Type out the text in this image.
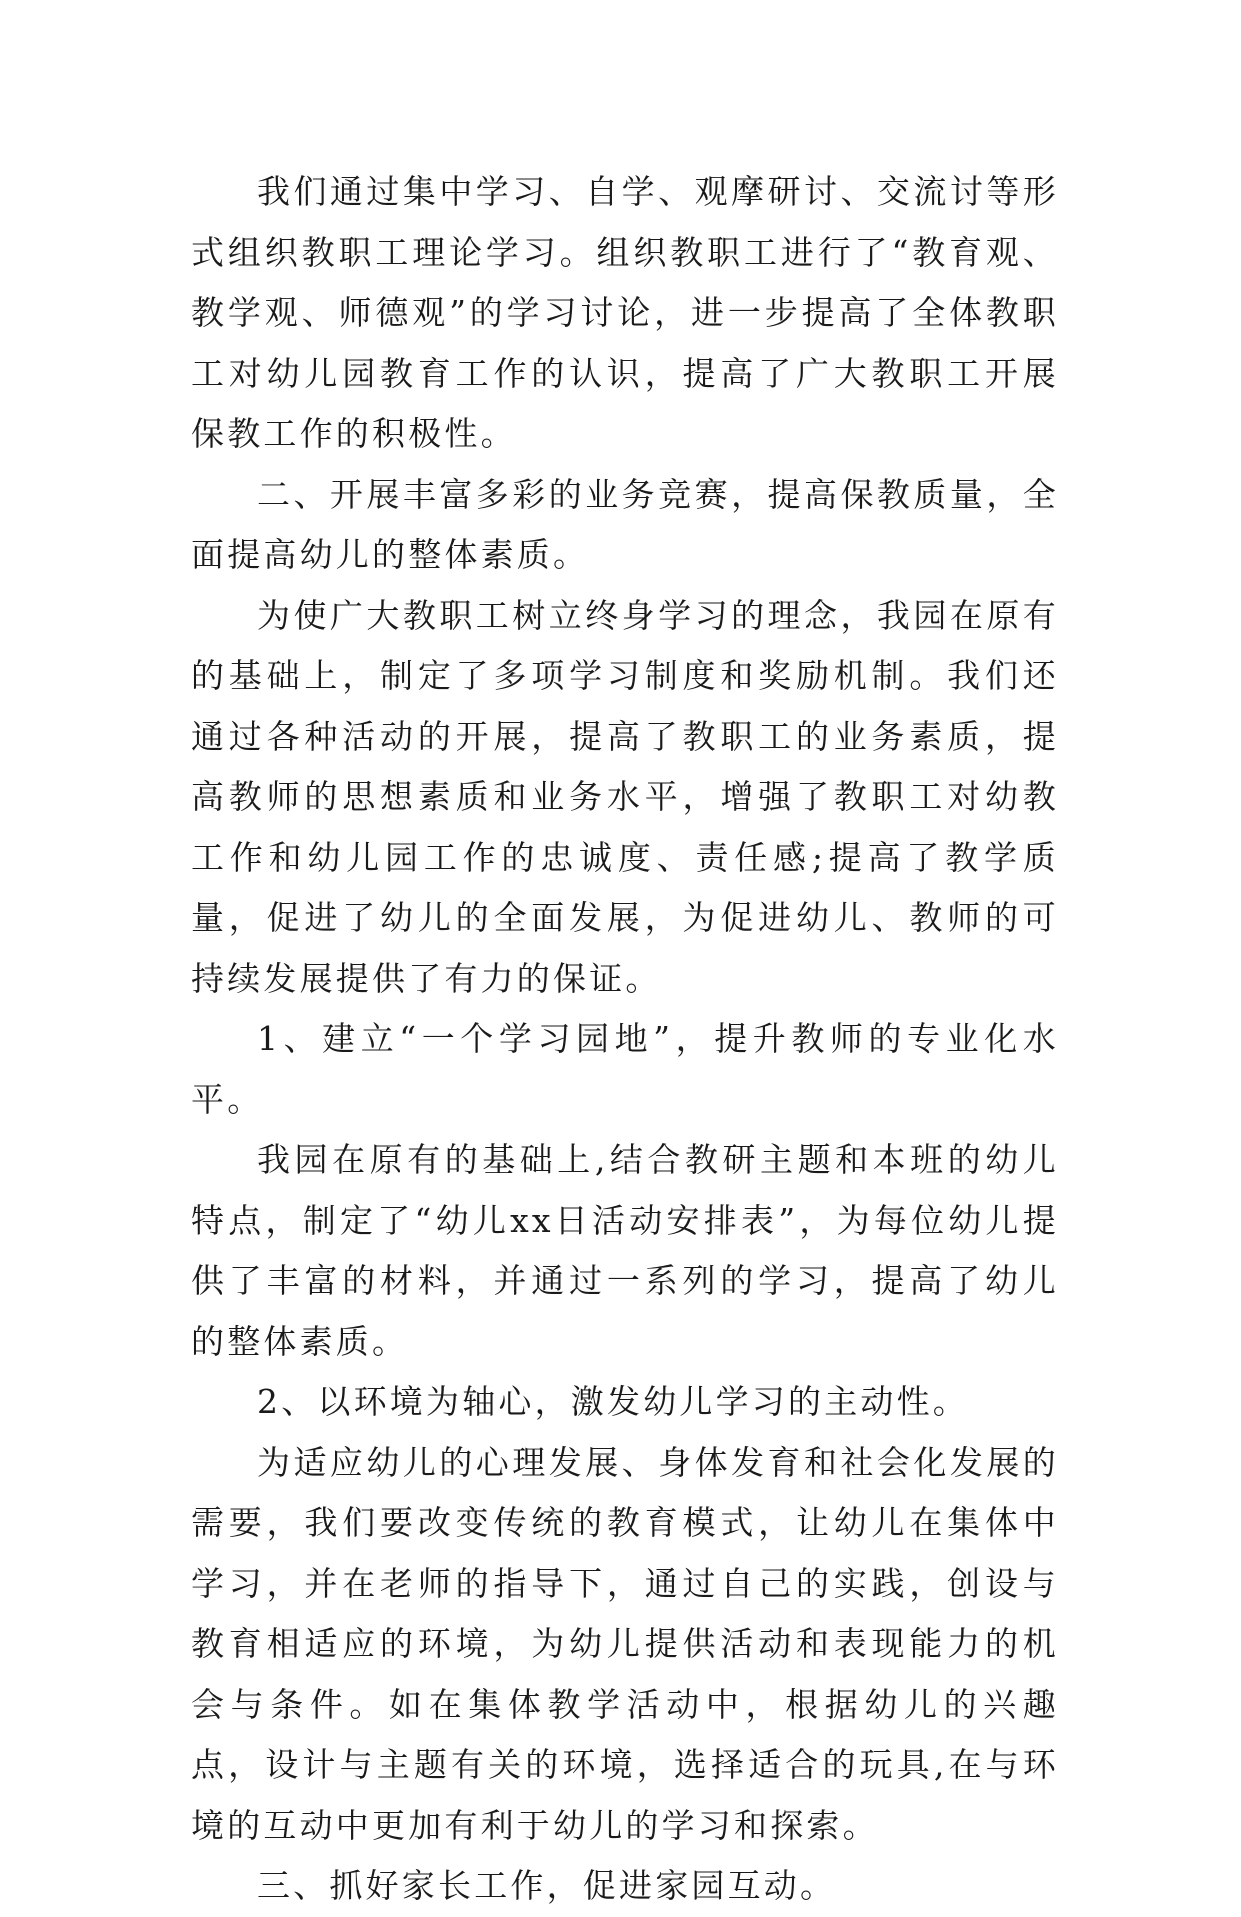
我们通过集中学习、自学、观摩研讨、交流讨等形式组织教职工理论学习。组织教职工进行了“教育观、教学观、师德观”的学习讨论，进一步提高了全体教职工对幼儿园教育工作的认识，提高了广大教职工开展保教工作的积极性。

二、开展丰富多彩的业务竞赛，提高保教质量，全面提高幼儿的整体素质。

为使广大教职工树立终身学习的理念，我园在原有的基础上，制定了多项学习制度和奖励机制。我们还通过各种活动的开展，提高了教职工的业务素质，提高教师的思想素质和业务水平，增强了教职工对幼教工作和幼儿园工作的忠诚度、责任感;提高了教学质量，促进了幼儿的全面发展，为促进幼儿、教师的可持续发展提供了有力的保证。

1、建立“一个学习园地”，提升教师的专业化水平。

我园在原有的基础上,结合教研主题和本班的幼儿特点，制定了“幼儿xx日活动安排表”，为每位幼儿提供了丰富的材料，并通过一系列的学习，提高了幼儿的整体素质。

2、以环境为轴心，激发幼儿学习的主动性。

为适应幼儿的心理发展、身体发育和社会化发展的需要，我们要改变传统的教育模式，让幼儿在集体中学习，并在老师的指导下，通过自己的实践，创设与教育相适应的环境，为幼儿提供活动和表现能力的机会与条件。如在集体教学活动中，根据幼儿的兴趣点，设计与主题有关的环境，选择适合的玩具,在与环境的互动中更加有利于幼儿的学习和探索。

三、抓好家长工作，促进家园互动。
